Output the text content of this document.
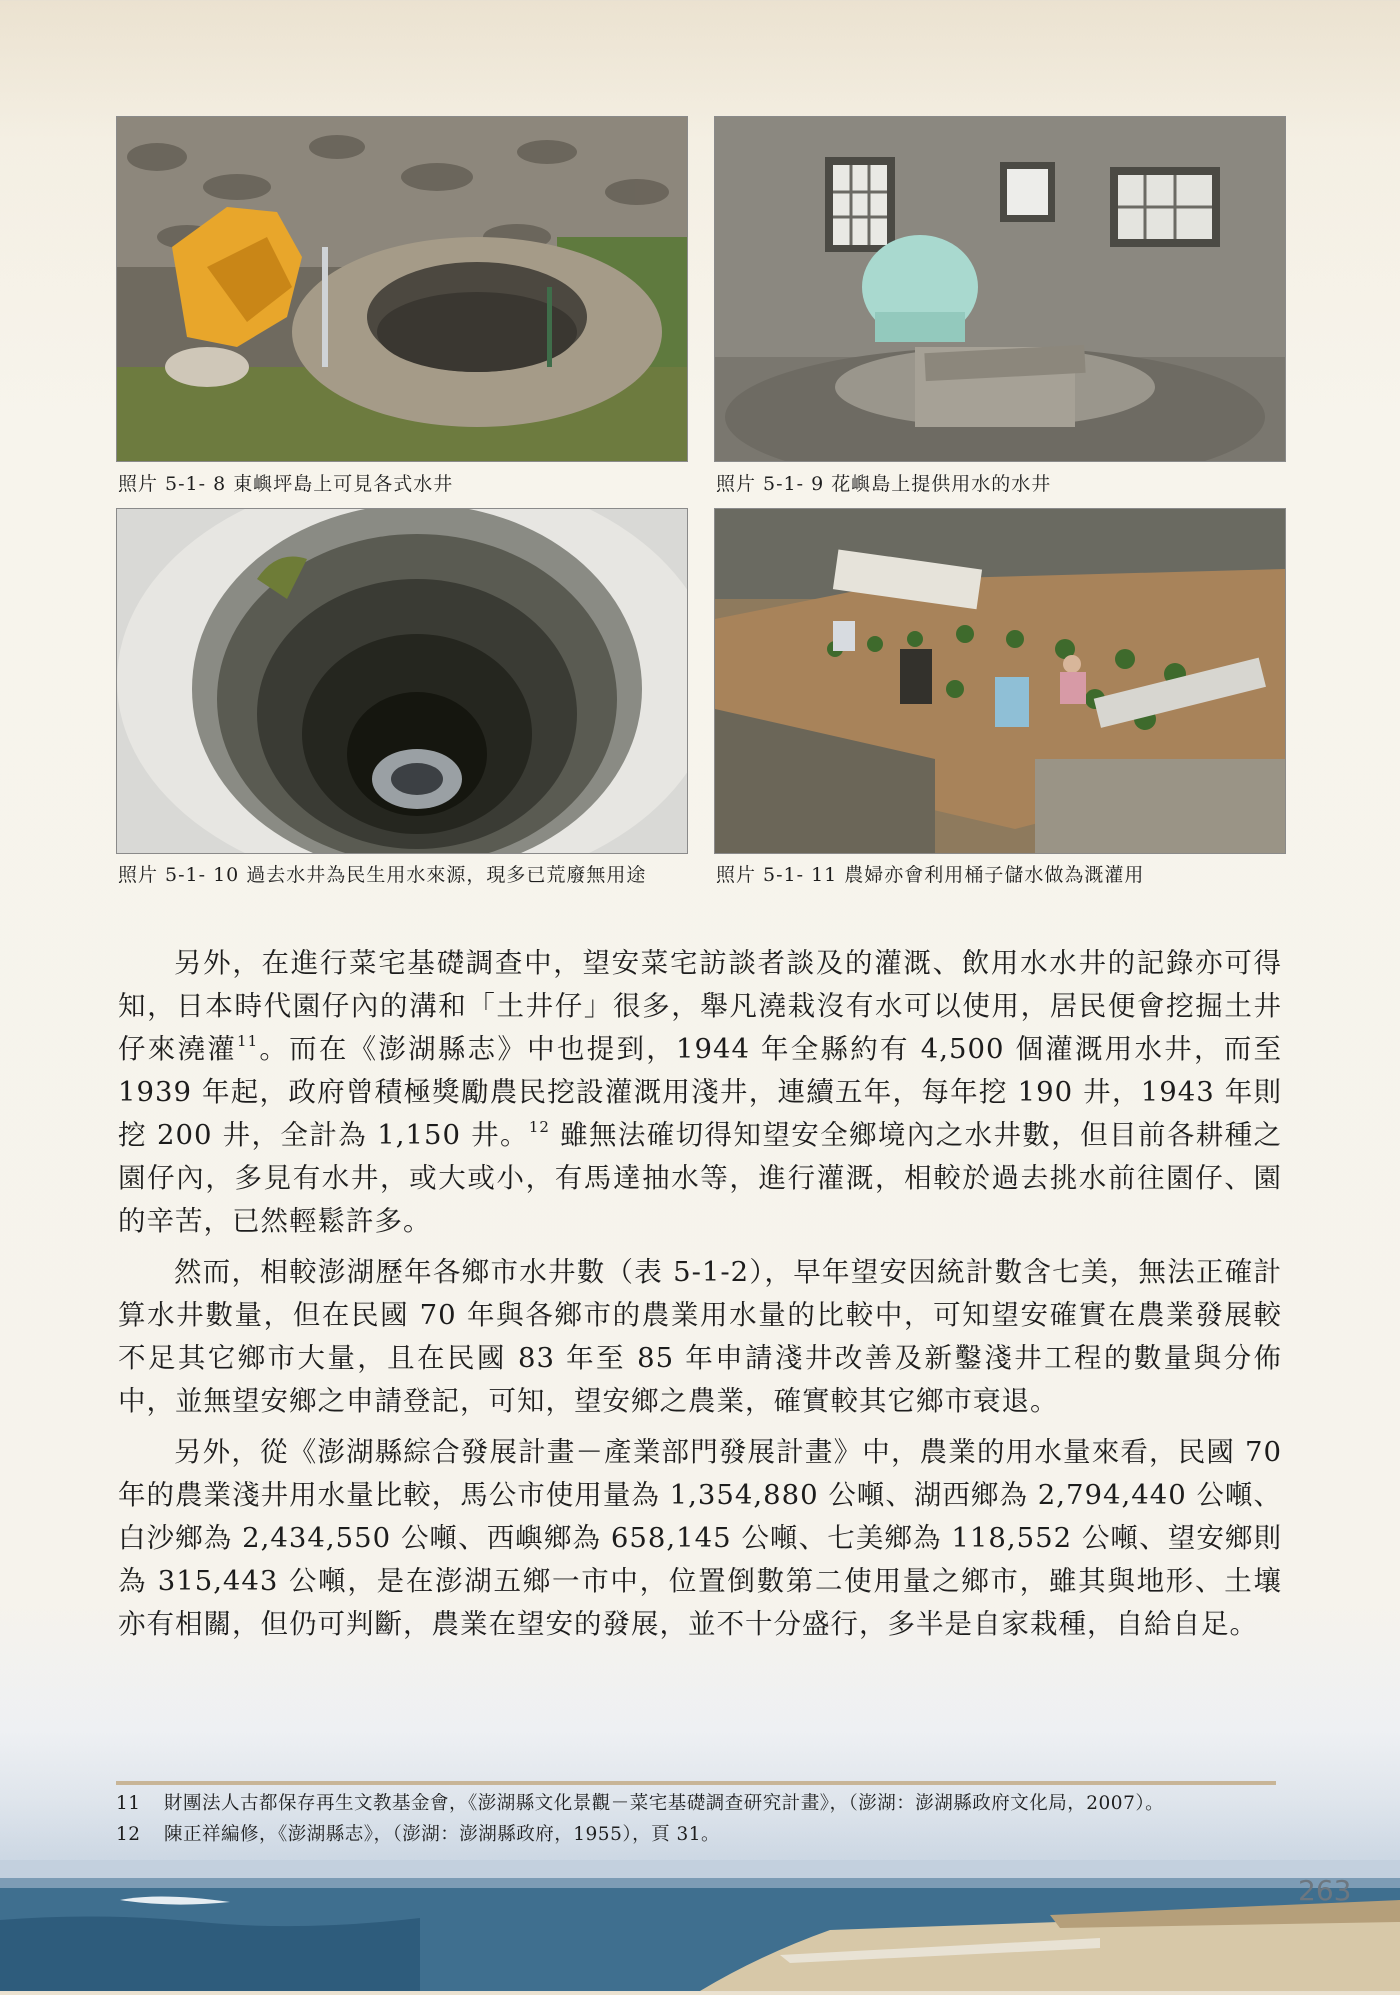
照片 5-1- 8 東嶼坪島上可見各式水井	照片 5-1- 9 花嶼島上提供用水的水井
照片 5-1- 10 過去水井為民生用水來源，現多已荒廢無用途	照片 5-1- 11 農婦亦會利用桶子儲水做為溉灌用

另外，在進行菜宅基礎調查中，望安菜宅訪談者談及的灌溉、飲用水水井的記錄亦可得知，日本時代園仔內的溝和「土井仔」很多，舉凡澆栽沒有水可以使用，居民便會挖掘土井仔來澆灌$^{11}$。而在《澎湖縣志》中也提到，1944 年全縣約有 4,500 個灌溉用水井，而至 1939 年起，政府曾積極獎勵農民挖設灌溉用淺井，連續五年，每年挖 190 井，1943 年則挖 200 井，全計為 1,150 井。$^{12}$ 雖無法確切得知望安全鄉境內之水井數，但目前各耕種之園仔內，多見有水井，或大或小，有馬達抽水等，進行灌溉，相較於過去挑水前往園仔、園的辛苦，已然輕鬆許多。

然而，相較澎湖歷年各鄉市水井數（表 5-1-2），早年望安因統計數含七美，無法正確計算水井數量，但在民國 70 年與各鄉市的農業用水量的比較中，可知望安確實在農業發展較不足其它鄉市大量，且在民國 83 年至 85 年申請淺井改善及新鑿淺井工程的數量與分佈中，並無望安鄉之申請登記，可知，望安鄉之農業，確實較其它鄉市衰退。

另外，從《澎湖縣綜合發展計畫－產業部門發展計畫》中，農業的用水量來看，民國 70 年的農業淺井用水量比較，馬公市使用量為 1,354,880 公噸、湖西鄉為 2,794,440 公噸、白沙鄉為 2,434,550 公噸、西嶼鄉為 658,145 公噸、七美鄉為 118,552 公噸、望安鄉則為 315,443 公噸，是在澎湖五鄉一市中，位置倒數第二使用量之鄉市，雖其與地形、土壤亦有相關，但仍可判斷，農業在望安的發展，並不十分盛行，多半是自家栽種，自給自足。

11	財團法人古都保存再生文教基金會，《澎湖縣文化景觀－菜宅基礎調查研究計畫》，（澎湖：澎湖縣政府文化局，2007）。
12	陳正祥編修，《澎湖縣志》，（澎湖：澎湖縣政府，1955），頁 31。
263
